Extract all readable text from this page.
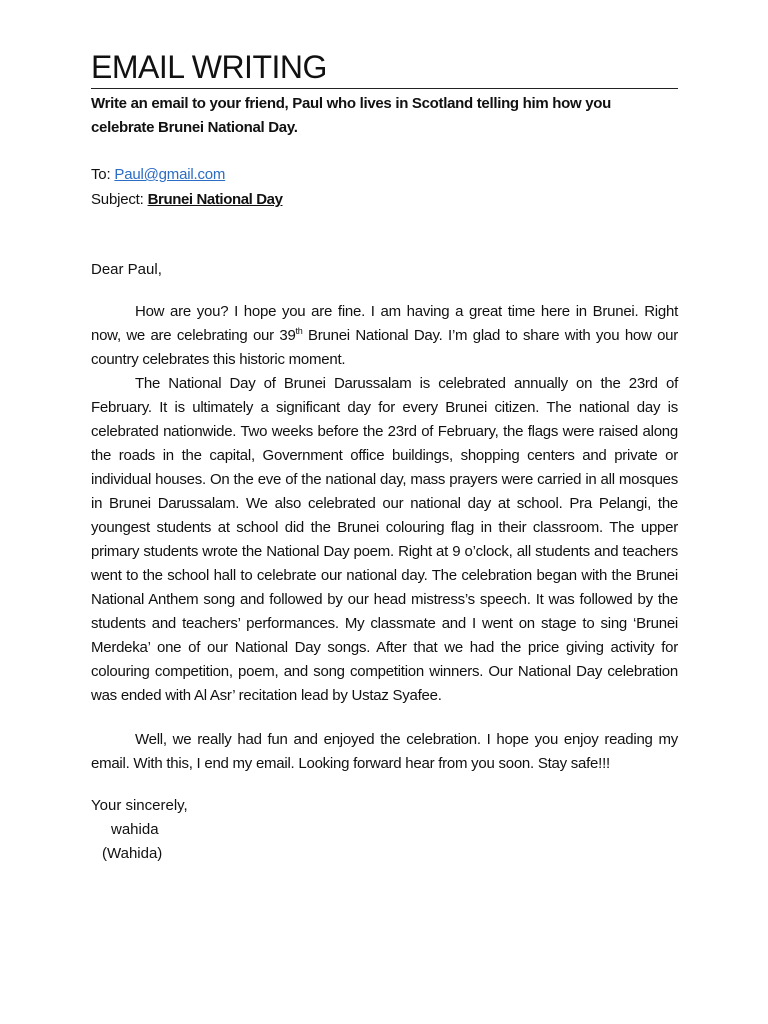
EMAIL WRITING

Write an email to your friend, Paul who lives in Scotland telling him how you celebrate Brunei National Day.

To: Paul@gmail.com
Subject: Brunei National Day
Dear Paul,

How are you? I hope you are fine. I am having a great time here in Brunei. Right now, we are celebrating our 39th Brunei National Day. I’m glad to share with you how our country celebrates this historic moment.

The National Day of Brunei Darussalam is celebrated annually on the 23rd of February. It is ultimately a significant day for every Brunei citizen. The national day is celebrated nationwide. Two weeks before the 23rd of February, the flags were raised along the roads in the capital, Government office buildings, shopping centers and private or individual houses. On the eve of the national day, mass prayers were carried in all mosques in Brunei Darussalam. We also celebrated our national day at school. Pra Pelangi, the youngest students at school did the Brunei colouring flag in their classroom. The upper primary students wrote the National Day poem. Right at 9 o’clock, all students and teachers went to the school hall to celebrate our national day. The celebration began with the Brunei National Anthem song and followed by our head mistress’s speech. It was followed by the students and teachers’ performances. My classmate and I went on stage to sing ‘Brunei Merdeka’ one of our National Day songs. After that we had the price giving activity for colouring competition, poem, and song competition winners. Our National Day celebration was ended with Al Asr’ recitation lead by Ustaz Syafee.

Well, we really had fun and enjoyed the celebration. I hope you enjoy reading my email. With this, I end my email. Looking forward hear from you soon. Stay safe!!!

Your sincerely,
wahida
(Wahida)
